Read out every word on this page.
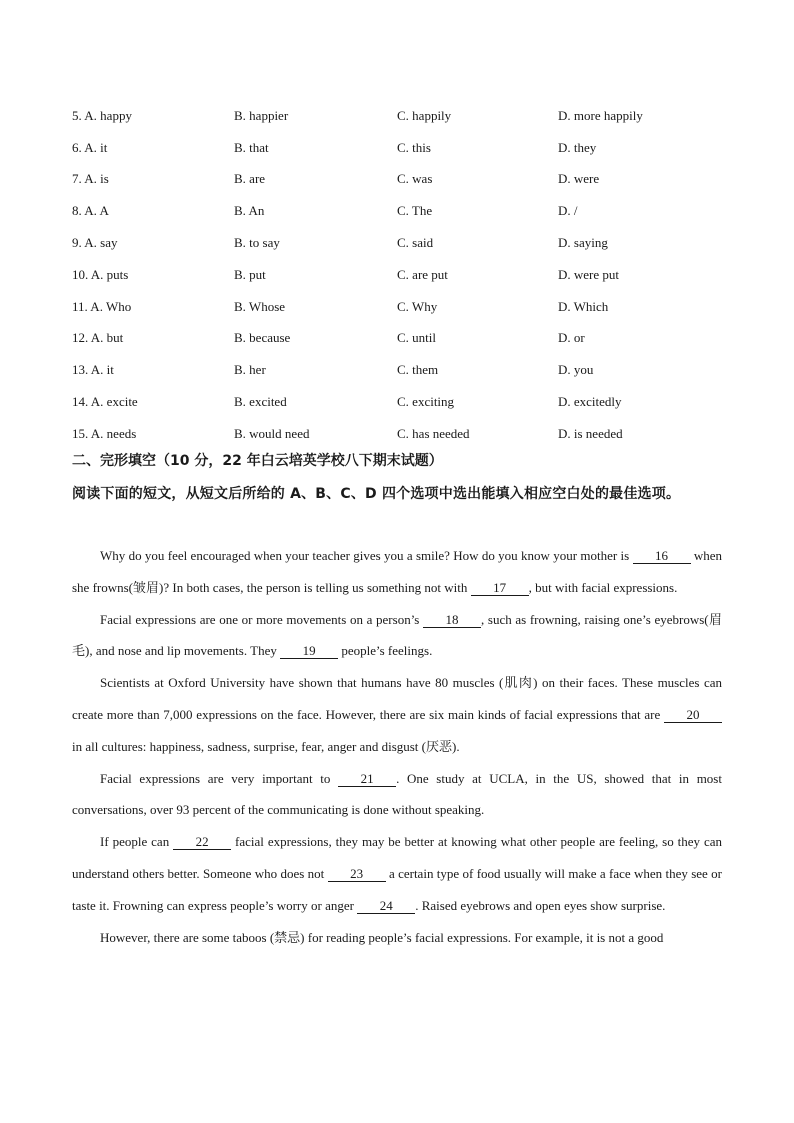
5. A. happy	B. happier	C. happily	D. more happily
6. A. it	B. that	C. this	D. they
7. A. is	B. are	C. was	D. were
8. A. A	B. An	C. The	D. /
9. A. say	B. to say	C. said	D. saying
10. A. puts	B. put	C. are put	D. were put
11. A. Who	B. Whose	C. Why	D. Which
12. A. but	B. because	C. until	D. or
13. A. it	B. her	C. them	D. you
14. A. excite	B. excited	C. exciting	D. excitedly
15. A. needs	B. would need	C. has needed	D. is needed
二、完形填空（10 分，22 年白云培英学校八下期末试题）
阅读下面的短文，从短文后所给的 A、B、C、D 四个选项中选出能填入相应空白处的最佳选项。

Why do you feel encouraged when your teacher gives you a smile? How do you know your mother is 16 when she frowns(皱眉)? In both cases, the person is telling us something not with 17 , but with facial expressions.

Facial expressions are one or more movements on a person’s 18 , such as frowning, raising one’s eyebrows(眉毛), and nose and lip movements. They 19 people’s feelings.

Scientists at Oxford University have shown that humans have 80 muscles (肌肉) on their faces. These muscles can create more than 7,000 expressions on the face. However, there are six main kinds of facial expressions that are 20 in all cultures: happiness, sadness, surprise, fear, anger and disgust (厌恶).

Facial expressions are very important to 21 . One study at UCLA, in the US, showed that in most conversations, over 93 percent of the communicating is done without speaking.

If people can 22 facial expressions, they may be better at knowing what other people are feeling, so they can understand others better. Someone who does not 23 a certain type of food usually will make a face when they see or taste it. Frowning can express people’s worry or anger 24 . Raised eyebrows and open eyes show surprise.

However, there are some taboos (禁忌) for reading people’s facial expressions. For example, it is not a good
